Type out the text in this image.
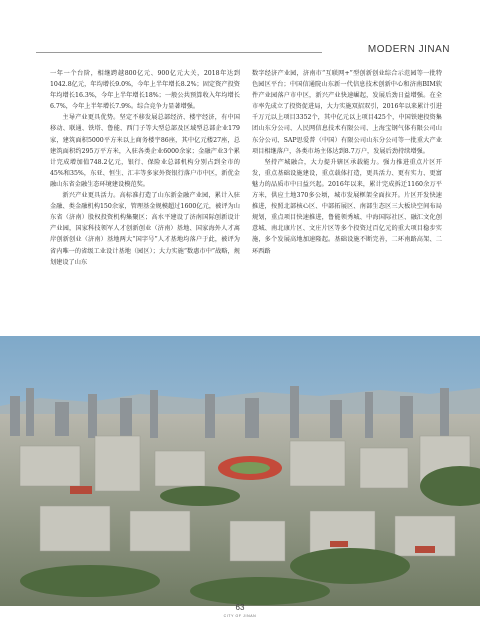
MODERN JINAN

一年一个台阶，相继跨越800亿元、900亿元大关，2018年达到1042.8亿元，年均增长9.0%，今年上半年增长8.2%；固定资产投资年均增长16.3%，今年上半年增长18%；一般公共预算收入年均增长6.7%，今年上半年增长7.9%。综合竞争力显著增强。

主导产业更具优势。坚定不移发展总部经济、楼宇经济，有中国移动、联通、铁塔、鲁能、西门子等大型总部及区域型总部企业179家，建筑面积5000平方米以上商务楼宇86座，其中亿元楼27座，总建筑面积约295万平方米，入驻各类企业6000余家；金融产业3个累计完成增加值748.2亿元，银行、保险业总部机构分别占到全市的45%和35%，东亚、恒生、汇丰等多家外资银行落户市中区，新优金融山东省金融生态环境建设模范奖。

新兴产业更具活力。高标准打造了山东新金融产业园，累计入驻金融、类金融机构150余家，管理基金规模超过1600亿元，被评为山东省（济南）股权投资机构集聚区；高水平建设了济南国际创新设计产业园，国家科技领军人才创新创业（济南）基地、国家海外人才离岸创新创业（济南）基地两大“国字号”人才基地均落户于此，被评为省内唯一的省级工业设计基地（园区）；大力实施“数惠市中”战略，规划建设了山东

数字经济产业园，济南市“互联网+”型创新创业综合示范园等一批特色园区平台；中国信通院山东新一代信息技术创新中心和济南BIM软件产业园落户市中区，新兴产业快速崛起，发展后劲日益增强。在全市率先成立了投资促进局，大力实施双招双引，2016年以来累计引进千万元以上项目3352个，其中亿元以上项目425个，中国铁建投资集团山东分公司、人民网信息技术有限公司、上海宝钢气体有限公司山东分公司、SAP思爱普（中国）有限公司山东分公司等一批重大产业项目相继落户，各类市场主体达到8.7万户，发展后劲持续增强。

坚持产城融合，大力提升辖区承载能力。强力推进重点片区开发，重点基础设施建设，重点载体打造，更具活力、更有实力、更富魅力的品质市中日益兴起。2016年以来，累计完成拆迁1160余万平方米，供应土地370多公顷，城市发展框架全面拉开。片区开发快速推进，按照北部核心区、中部拓展区、南部生态区三大板块空间布局规划，重点项目快速推进，鲁能领秀城、中海国际社区、融汇文化创意城、南北康片区、文庄片区等多个投资过百亿元的重大项目稳步实施，多个发展高地加速隆起。基础设施不断完善，二环南路高架、二环西路

63
CITY OF JINAN
